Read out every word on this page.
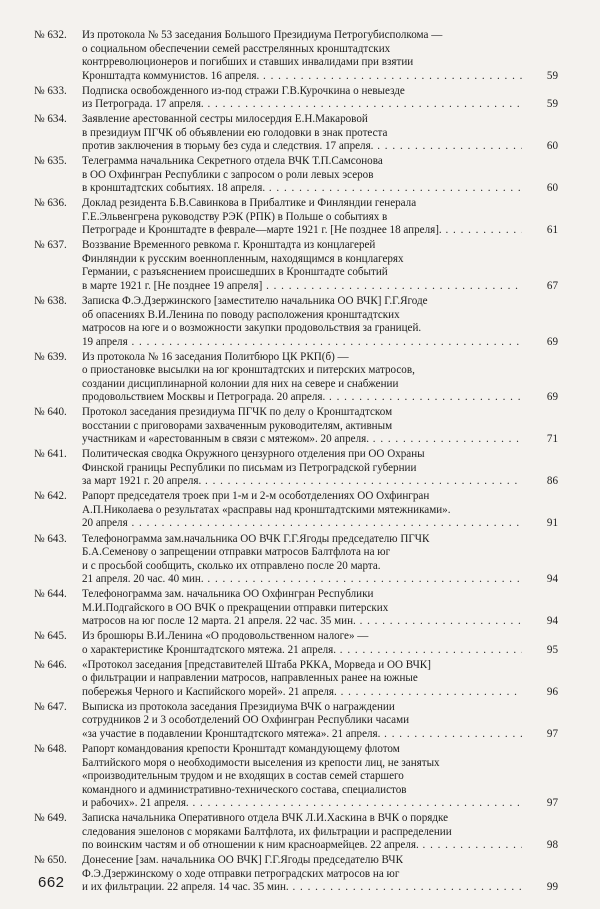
№ 632. Из протокола № 53 заседания Большого Президиума Петрогубисполкома —
о социальном обеспечении семей расстрелянных кронштадтских
контрреволюционеров и погибших и ставших инвалидами при взятии
Кронштадта коммунистов. 16 апреля. . . .	59
№ 633. Подписка освобожденного из-под стражи Г.В.Курочкина о невыезде
из Петрограда. 17 апреля. . . .	59
№ 634. Заявление арестованной сестры милосердия Е.Н.Макаровой
в президиум ПГЧК об объявлении ею голодовки в знак протеста
против заключения в тюрьму без суда и следствия. 17 апреля. . . .	60
№ 635. Телеграмма начальника Секретного отдела ВЧК Т.П.Самсонова
в ОО Охфингран Республики с запросом о роли левых эсеров
в кронштадтских событиях. 18 апреля. . . .	60
№ 636. Доклад резидента Б.В.Савинкова в Прибалтике и Финляндии генерала
Г.Е.Эльвенгрена руководству РЭК (РПК) в Польше о событиях в
Петрограде и Кронштадте в феврале—марте 1921 г. [Не позднее 18 апреля]. . . .	61
№ 637. Воззвание Временного ревкома г. Кронштадта из концлагерей
Финляндии к русским военнопленным, находящимся в концлагерях
Германии, с разъяснением происшедших в Кронштадте событий
в марте 1921 г. [Не позднее 19 апреля] . . .	67
№ 638. Записка Ф.Э.Дзержинского [заместителю начальника ОО ВЧК] Г.Г.Ягоде
об опасениях В.И.Ленина по поводу расположения кронштадтских
матросов на юге и о возможности закупки продовольствия за границей.
19 апреля . . .	69
№ 639. Из протокола № 16 заседания Политбюро ЦК РКП(б) —
о приостановке высылки на юг кронштадтских и питерских матросов,
создании дисциплинарной колонии для них на севере и снабжении
продовольствием Москвы и Петрограда. 20 апреля. . . .	69
№ 640. Протокол заседания президиума ПГЧК по делу о Кронштадтском
восстании с приговорами захваченным руководителям, активным
участникам и «арестованным в связи с мятежом». 20 апреля. . . .	71
№ 641. Политическая сводка Окружного цензурного отделения при ОО Охраны
Финской границы Республики по письмам из Петроградской губернии
за март 1921 г. 20 апреля. . . .	86
№ 642. Рапорт председателя троек при 1-м и 2-м особотделениях ОО Охфингран
А.П.Николаева о результатах «расправы над кронштадтскими мятежниками».
20 апреля . . .	91
№ 643. Телефонограмма зам.начальника ОО ВЧК Г.Г.Ягоды председателю ПГЧК
Б.А.Семенову о запрещении отправки матросов Балтфлота на юг
и с просьбой сообщить, сколько их отправлено после 20 марта.
21 апреля. 20 час. 40 мин. . . .	94
№ 644. Телефонограмма зам. начальника ОО Охфингран Республики
М.И.Подгайского в ОО ВЧК о прекращении отправки питерских
матросов на юг после 12 марта. 21 апреля. 22 час. 35 мин. . . .	94
№ 645. Из брошюры В.И.Ленина «О продовольственном налоге» —
о характеристике Кронштадтского мятежа. 21 апреля. . . .	95
№ 646. «Протокол заседания [представителей Штаба РККА, Морведа и ОО ВЧК]
о фильтрации и направлении матросов, направленных ранее на южные
побережья Черного и Каспийского морей». 21 апреля. . . .	96
№ 647. Выписка из протокола заседания Президиума ВЧК о награждении
сотрудников 2 и 3 особотделений ОО Охфингран Республики часами
«за участие в подавлении Кронштадтского мятежа». 21 апреля. . . .	97
№ 648. Рапорт командования крепости Кронштадт командующему флотом
Балтийского моря о необходимости выселения из крепости лиц, не занятых
«производительным трудом и не входящих в состав семей старшего
командного и административно-технического состава, специалистов
и рабочих». 21 апреля. . . .	97
№ 649. Записка начальника Оперативного отдела ВЧК Л.И.Хаскина в ВЧК о порядке
следования эшелонов с моряками Балтфлота, их фильтрации и распределении
по воинским частям и об отношении к ним красноармейцев. 22 апреля. . . .	98
№ 650. Донесение [зам. начальника ОО ВЧК] Г.Г.Ягоды председателю ВЧК
Ф.Э.Дзержинскому о ходе отправки петроградских матросов на юг
и их фильтрации. 22 апреля. 14 час. 35 мин. . . .	99
662
